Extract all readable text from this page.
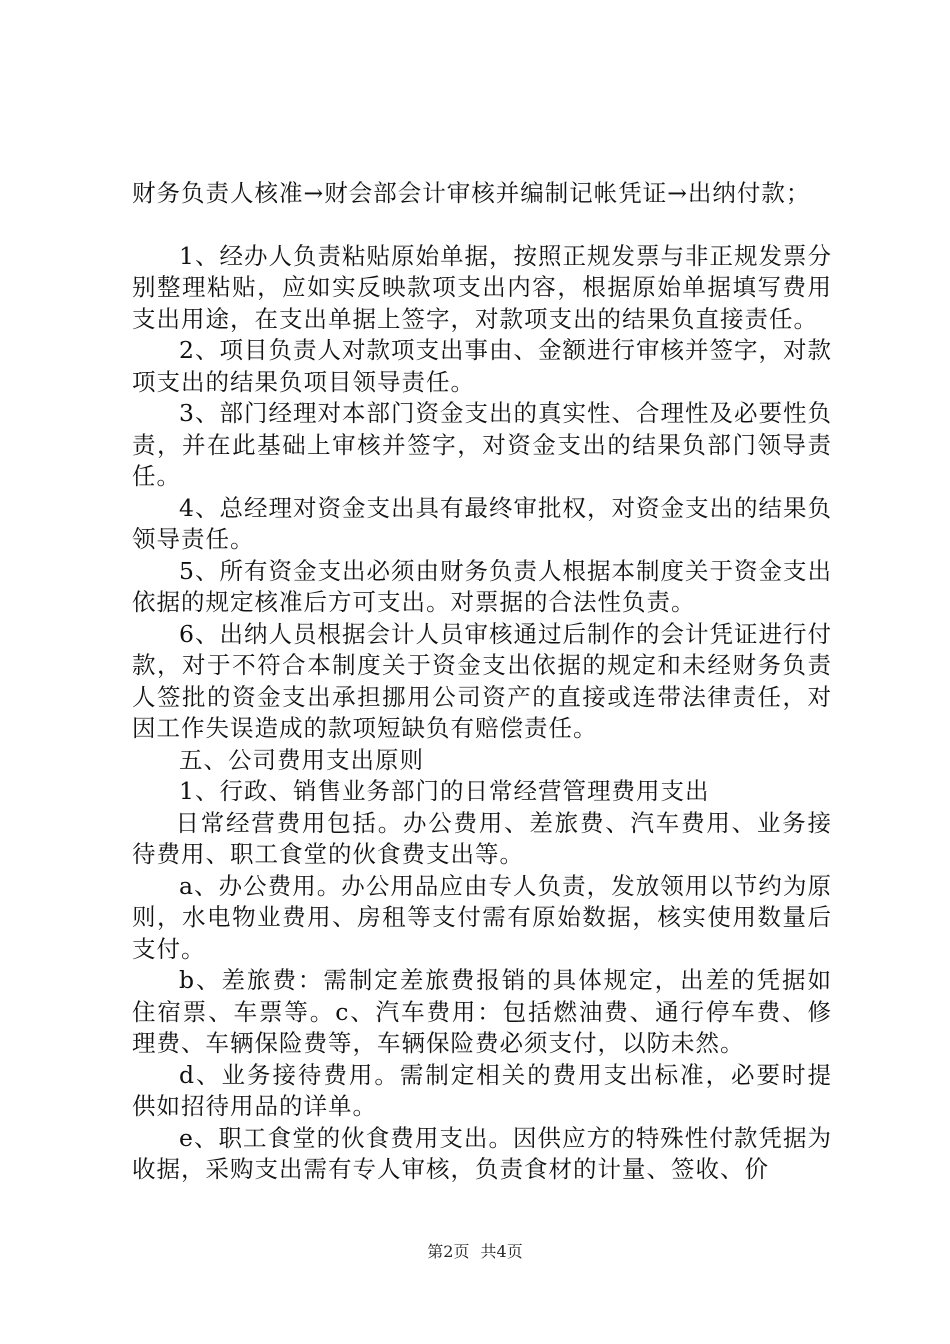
财务负责人核准→财会部会计审核并编制记帐凭证→出纳付款；

1、经办人负责粘贴原始单据，按照正规发票与非正规发票分别整理粘贴，应如实反映款项支出内容，根据原始单据填写费用支出用途，在支出单据上签字，对款项支出的结果负直接责任。

2、项目负责人对款项支出事由、金额进行审核并签字，对款项支出的结果负项目领导责任。

3、部门经理对本部门资金支出的真实性、合理性及必要性负责，并在此基础上审核并签字，对资金支出的结果负部门领导责任。

4、总经理对资金支出具有最终审批权，对资金支出的结果负领导责任。

5、所有资金支出必须由财务负责人根据本制度关于资金支出依据的规定核准后方可支出。对票据的合法性负责。

6、出纳人员根据会计人员审核通过后制作的会计凭证进行付款，对于不符合本制度关于资金支出依据的规定和未经财务负责人签批的资金支出承担挪用公司资产的直接或连带法律责任，对因工作失误造成的款项短缺负有赔偿责任。

五、公司费用支出原则

1、行政、销售业务部门的日常经营管理费用支出

日常经营费用包括。办公费用、差旅费、汽车费用、业务接待费用、职工食堂的伙食费支出等。

a、办公费用。办公用品应由专人负责，发放领用以节约为原则，水电物业费用、房租等支付需有原始数据，核实使用数量后支付。

b、差旅费：需制定差旅费报销的具体规定，出差的凭据如住宿票、车票等。c、汽车费用：包括燃油费、通行停车费、修理费、车辆保险费等，车辆保险费必须支付，以防未然。

d、业务接待费用。需制定相关的费用支出标准，必要时提供如招待用品的详单。

e、职工食堂的伙食费用支出。因供应方的特殊性付款凭据为收据，采购支出需有专人审核，负责食材的计量、签收、价

第2页 共4页
